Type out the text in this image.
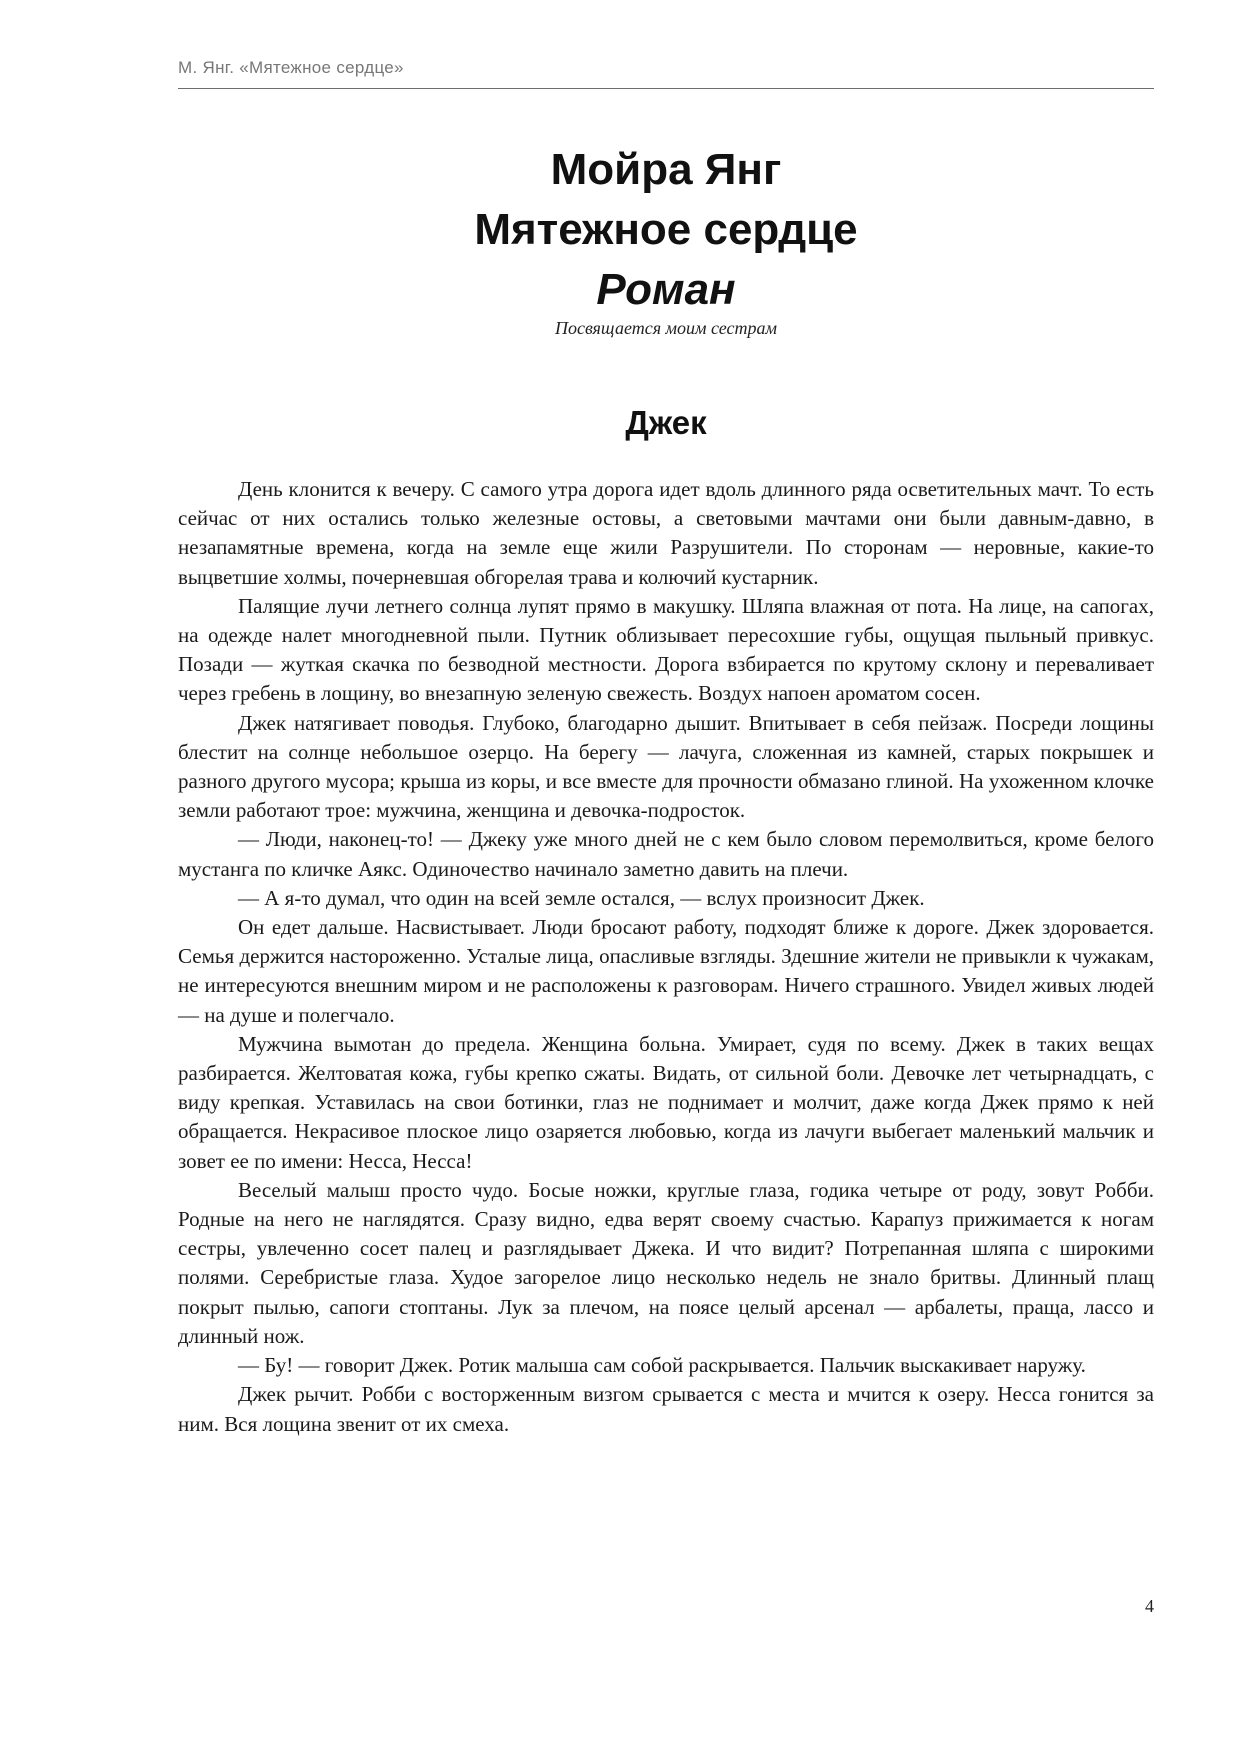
М. Янг. «Мятежное сердце»

Мойра Янг

Мятежное сердце

Роман

Посвящается моим сестрам
Джек

День клонится к вечеру. С самого утра дорога идет вдоль длинного ряда осветительных мачт. То есть сейчас от них остались только железные остовы, а световыми мачтами они были давным-давно, в незапамятные времена, когда на земле еще жили Разрушители. По сторонам — неровные, какие-то выцветшие холмы, почерневшая обгорелая трава и колючий кустарник.

Палящие лучи летнего солнца лупят прямо в макушку. Шляпа влажная от пота. На лице, на сапогах, на одежде налет многодневной пыли. Путник облизывает пересохшие губы, ощущая пыльный привкус. Позади — жуткая скачка по безводной местности. Дорога взбирается по крутому склону и переваливает через гребень в лощину, во внезапную зеленую свежесть. Воздух напоен ароматом сосен.

Джек натягивает поводья. Глубоко, благодарно дышит. Впитывает в себя пейзаж. Посреди лощины блестит на солнце небольшое озерцо. На берегу — лачуга, сложенная из камней, старых покрышек и разного другого мусора; крыша из коры, и все вместе для прочности обмазано глиной. На ухоженном клочке земли работают трое: мужчина, женщина и девочка-подросток.

— Люди, наконец-то! — Джеку уже много дней не с кем было словом перемолвиться, кроме белого мустанга по кличке Аякс. Одиночество начинало заметно давить на плечи.

— А я-то думал, что один на всей земле остался, — вслух произносит Джек.

Он едет дальше. Насвистывает. Люди бросают работу, подходят ближе к дороге. Джек здоровается. Семья держится настороженно. Усталые лица, опасливые взгляды. Здешние жители не привыкли к чужакам, не интересуются внешним миром и не расположены к разговорам. Ничего страшного. Увидел живых людей — на душе и полегчало.

Мужчина вымотан до предела. Женщина больна. Умирает, судя по всему. Джек в таких вещах разбирается. Желтоватая кожа, губы крепко сжаты. Видать, от сильной боли. Девочке лет четырнадцать, с виду крепкая. Уставилась на свои ботинки, глаз не поднимает и молчит, даже когда Джек прямо к ней обращается. Некрасивое плоское лицо озаряется любовью, когда из лачуги выбегает маленький мальчик и зовет ее по имени: Несса, Несса!

Веселый малыш просто чудо. Босые ножки, круглые глаза, годика четыре от роду, зовут Робби. Родные на него не наглядятся. Сразу видно, едва верят своему счастью. Карапуз прижимается к ногам сестры, увлеченно сосет палец и разглядывает Джека. И что видит? Потрепанная шляпа с широкими полями. Серебристые глаза. Худое загорелое лицо несколько недель не знало бритвы. Длинный плащ покрыт пылью, сапоги стоптаны. Лук за плечом, на поясе целый арсенал — арбалеты, праща, лассо и длинный нож.

— Бу! — говорит Джек. Ротик малыша сам собой раскрывается. Пальчик выскакивает наружу.

Джек рычит. Робби с восторженным визгом срывается с места и мчится к озеру. Несса гонится за ним. Вся лощина звенит от их смеха.

4
